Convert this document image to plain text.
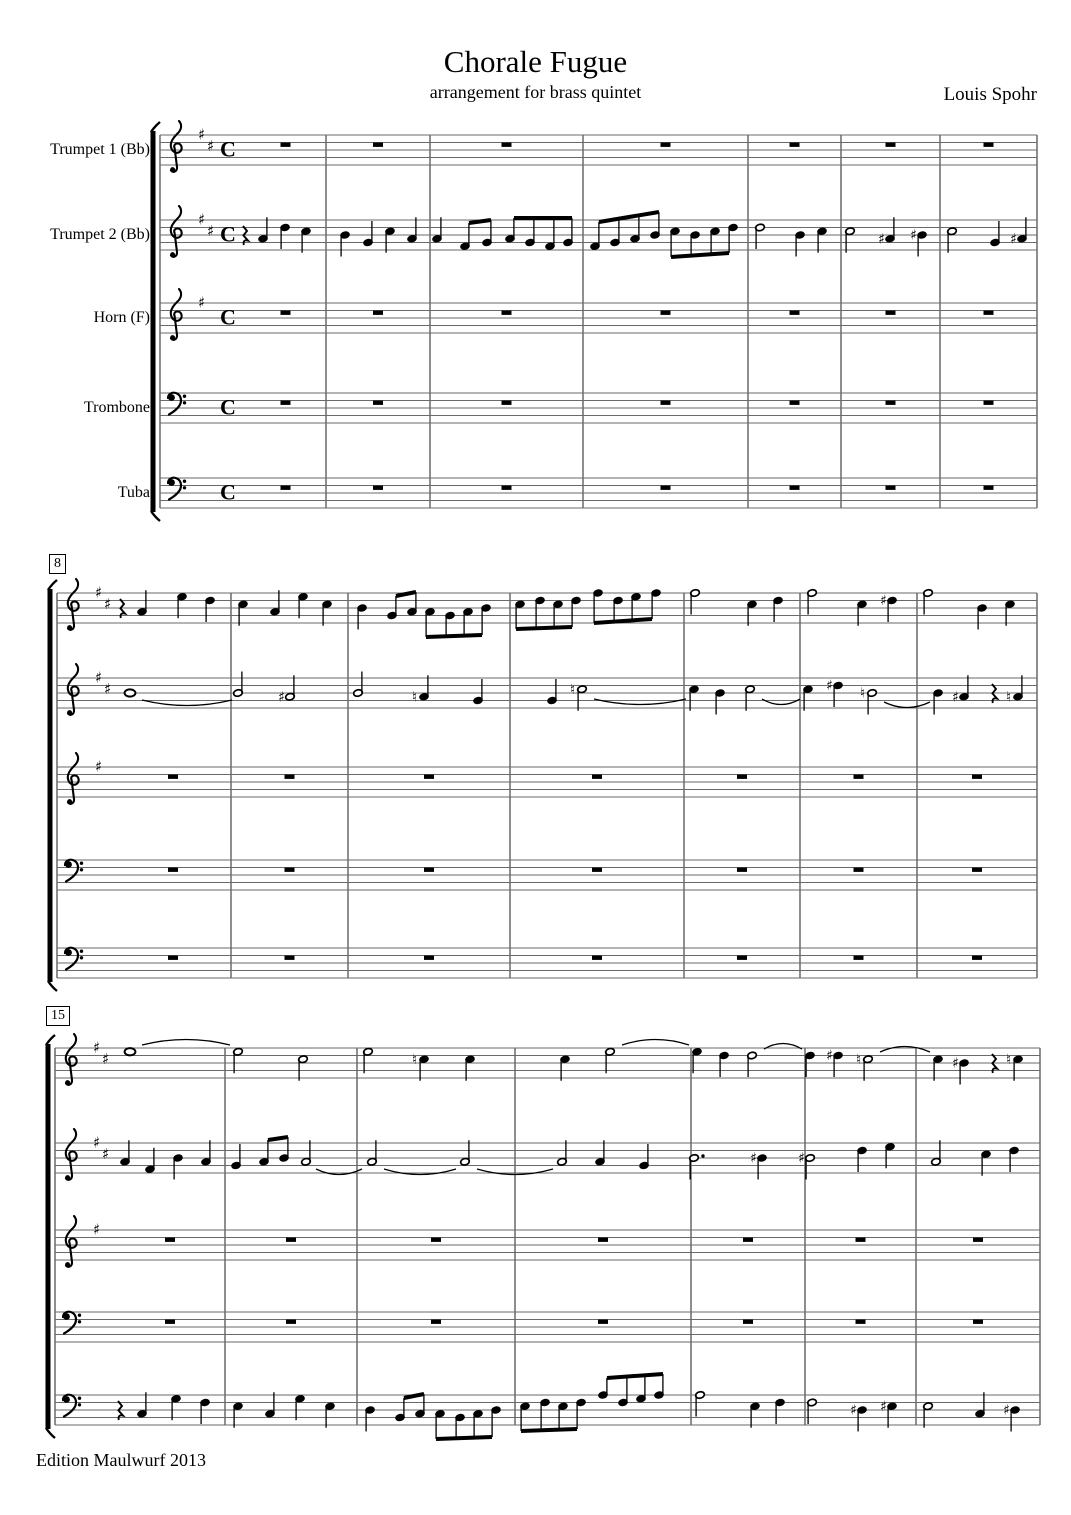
Chorale Fugue
arrangement for brass quintet	Louis Spohr
Trumpet 1 (Bb)
Trumpet 2 (Bb)
Horn (F)
Trombone
Tuba
8
15
♯
♯ C
♯
♯ C	♯ ♯	♯
♯
C
C
C
♯
♯	♯
♯
♯	♯	♮	♮	♯ ♮	♯	♮
♯
♯
♯	♮	♯ ♮	♯	♮
♯
♯	♯	♯
♯
♯ ♯	♯
Edition Maulwurf 2013
